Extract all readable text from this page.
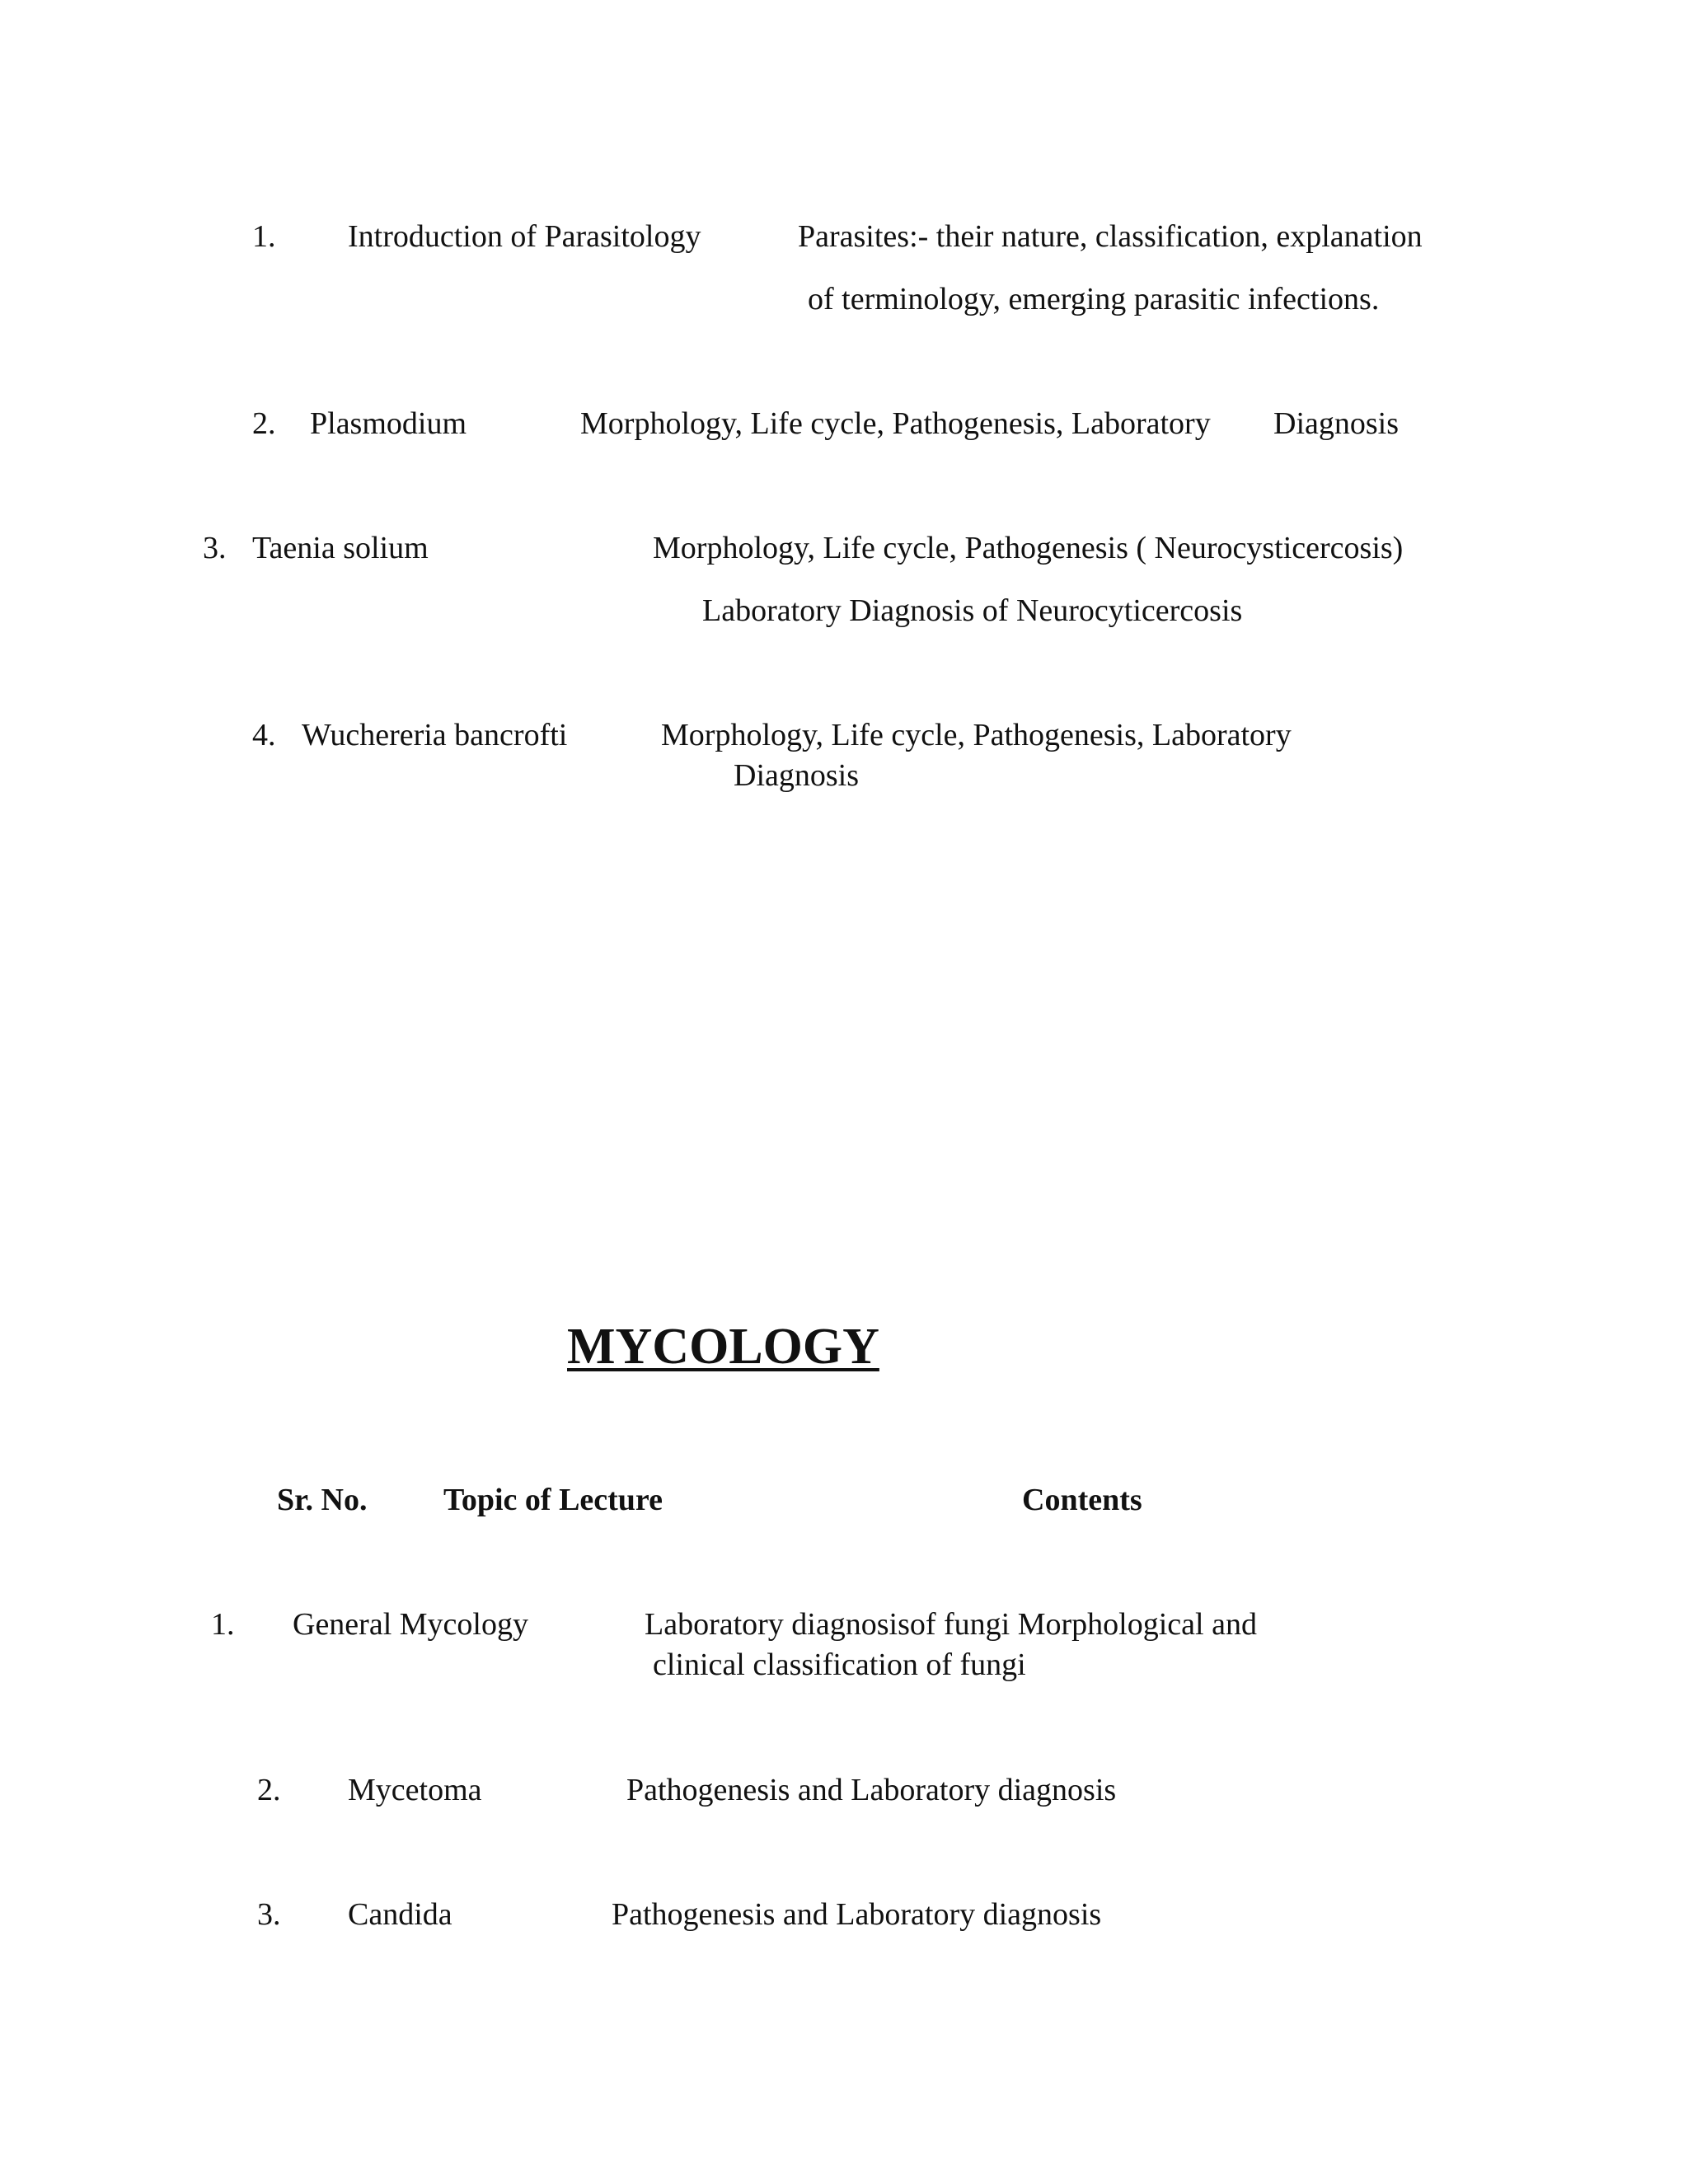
1. Introduction of Parasitology	Parasites:- their nature, classification, explanation
of terminology, emerging parasitic infections.
2. Plasmodium	Morphology, Life cycle, Pathogenesis, Laboratory Diagnosis
3. Taenia solium	Morphology, Life cycle, Pathogenesis ( Neurocysticercosis)
Laboratory Diagnosis of Neurocyticercosis
4. Wuchereria bancrofti	Morphology, Life cycle, Pathogenesis, Laboratory
Diagnosis
MYCOLOGY
Sr. No. Topic of Lecture	Contents
1. General Mycology	Laboratory diagnosisof fungi Morphological and
clinical classification of fungi
2. Mycetoma	Pathogenesis and Laboratory diagnosis
3. Candida	Pathogenesis and Laboratory diagnosis
